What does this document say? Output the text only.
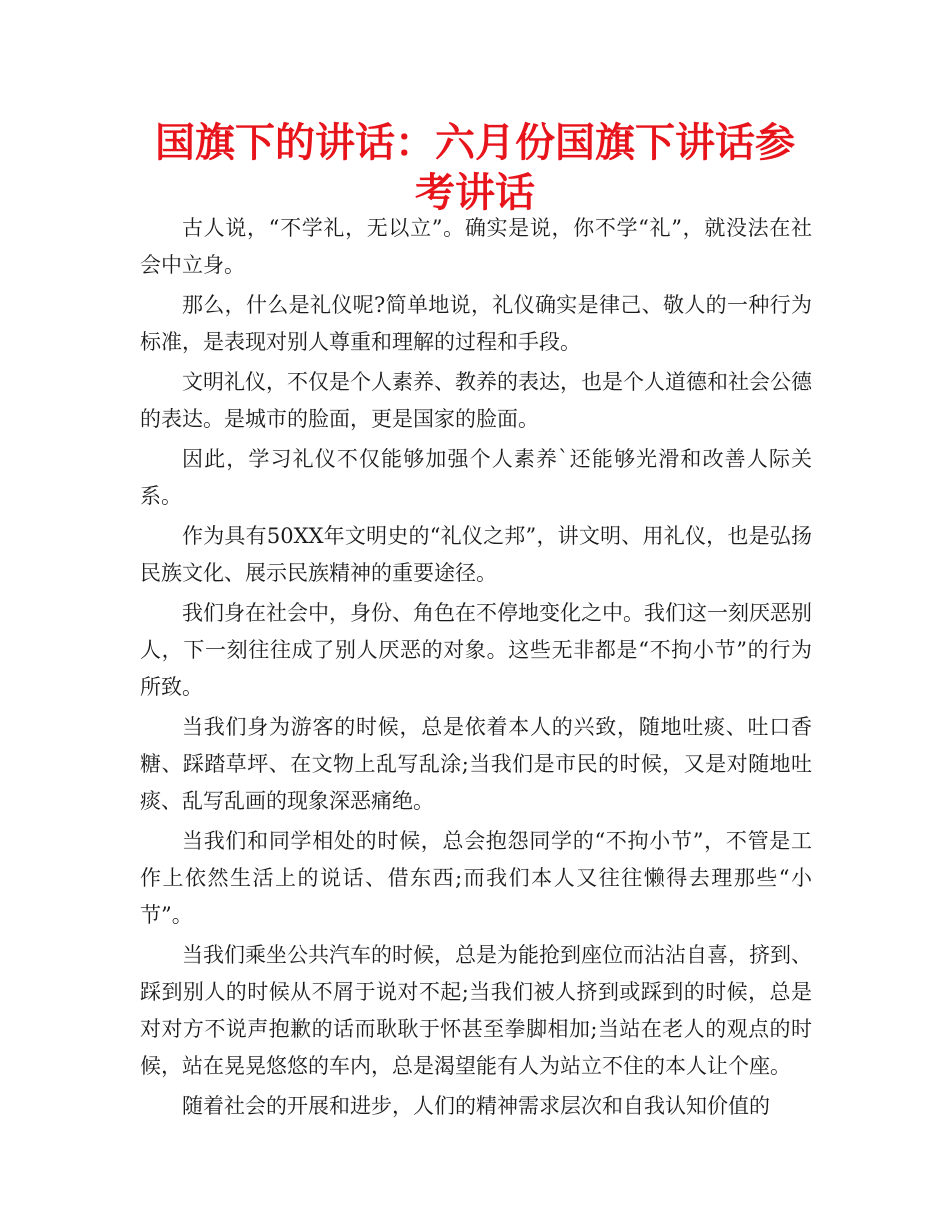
国旗下的讲话：六月份国旗下讲话参考讲话

古人说，“不学礼，无以立”。确实是说，你不学“礼”，就没法在社会中立身。

那么，什么是礼仪呢?简单地说，礼仪确实是律己、敬人的一种行为标准，是表现对别人尊重和理解的过程和手段。

文明礼仪，不仅是个人素养、教养的表达，也是个人道德和社会公德的表达。是城市的脸面，更是国家的脸面。

因此，学习礼仪不仅能够加强个人素养`还能够光滑和改善人际关系。

作为具有50XX年文明史的“礼仪之邦”，讲文明、用礼仪，也是弘扬民族文化、展示民族精神的重要途径。

我们身在社会中，身份、角色在不停地变化之中。我们这一刻厌恶别人，下一刻往往成了别人厌恶的对象。这些无非都是“不拘小节”的行为所致。

当我们身为游客的时候，总是依着本人的兴致，随地吐痰、吐口香糖、踩踏草坪、在文物上乱写乱涂;当我们是市民的时候，又是对随地吐痰、乱写乱画的现象深恶痛绝。

当我们和同学相处的时候，总会抱怨同学的“不拘小节”，不管是工作上依然生活上的说话、借东西;而我们本人又往往懒得去理那些“小节”。

当我们乘坐公共汽车的时候，总是为能抢到座位而沾沾自喜，挤到、踩到别人的时候从不屑于说对不起;当我们被人挤到或踩到的时候，总是对对方不说声抱歉的话而耿耿于怀甚至拳脚相加;当站在老人的观点的时候，站在晃晃悠悠的车内，总是渴望能有人为站立不住的本人让个座。

随着社会的开展和进步，人们的精神需求层次和自我认知价值的
